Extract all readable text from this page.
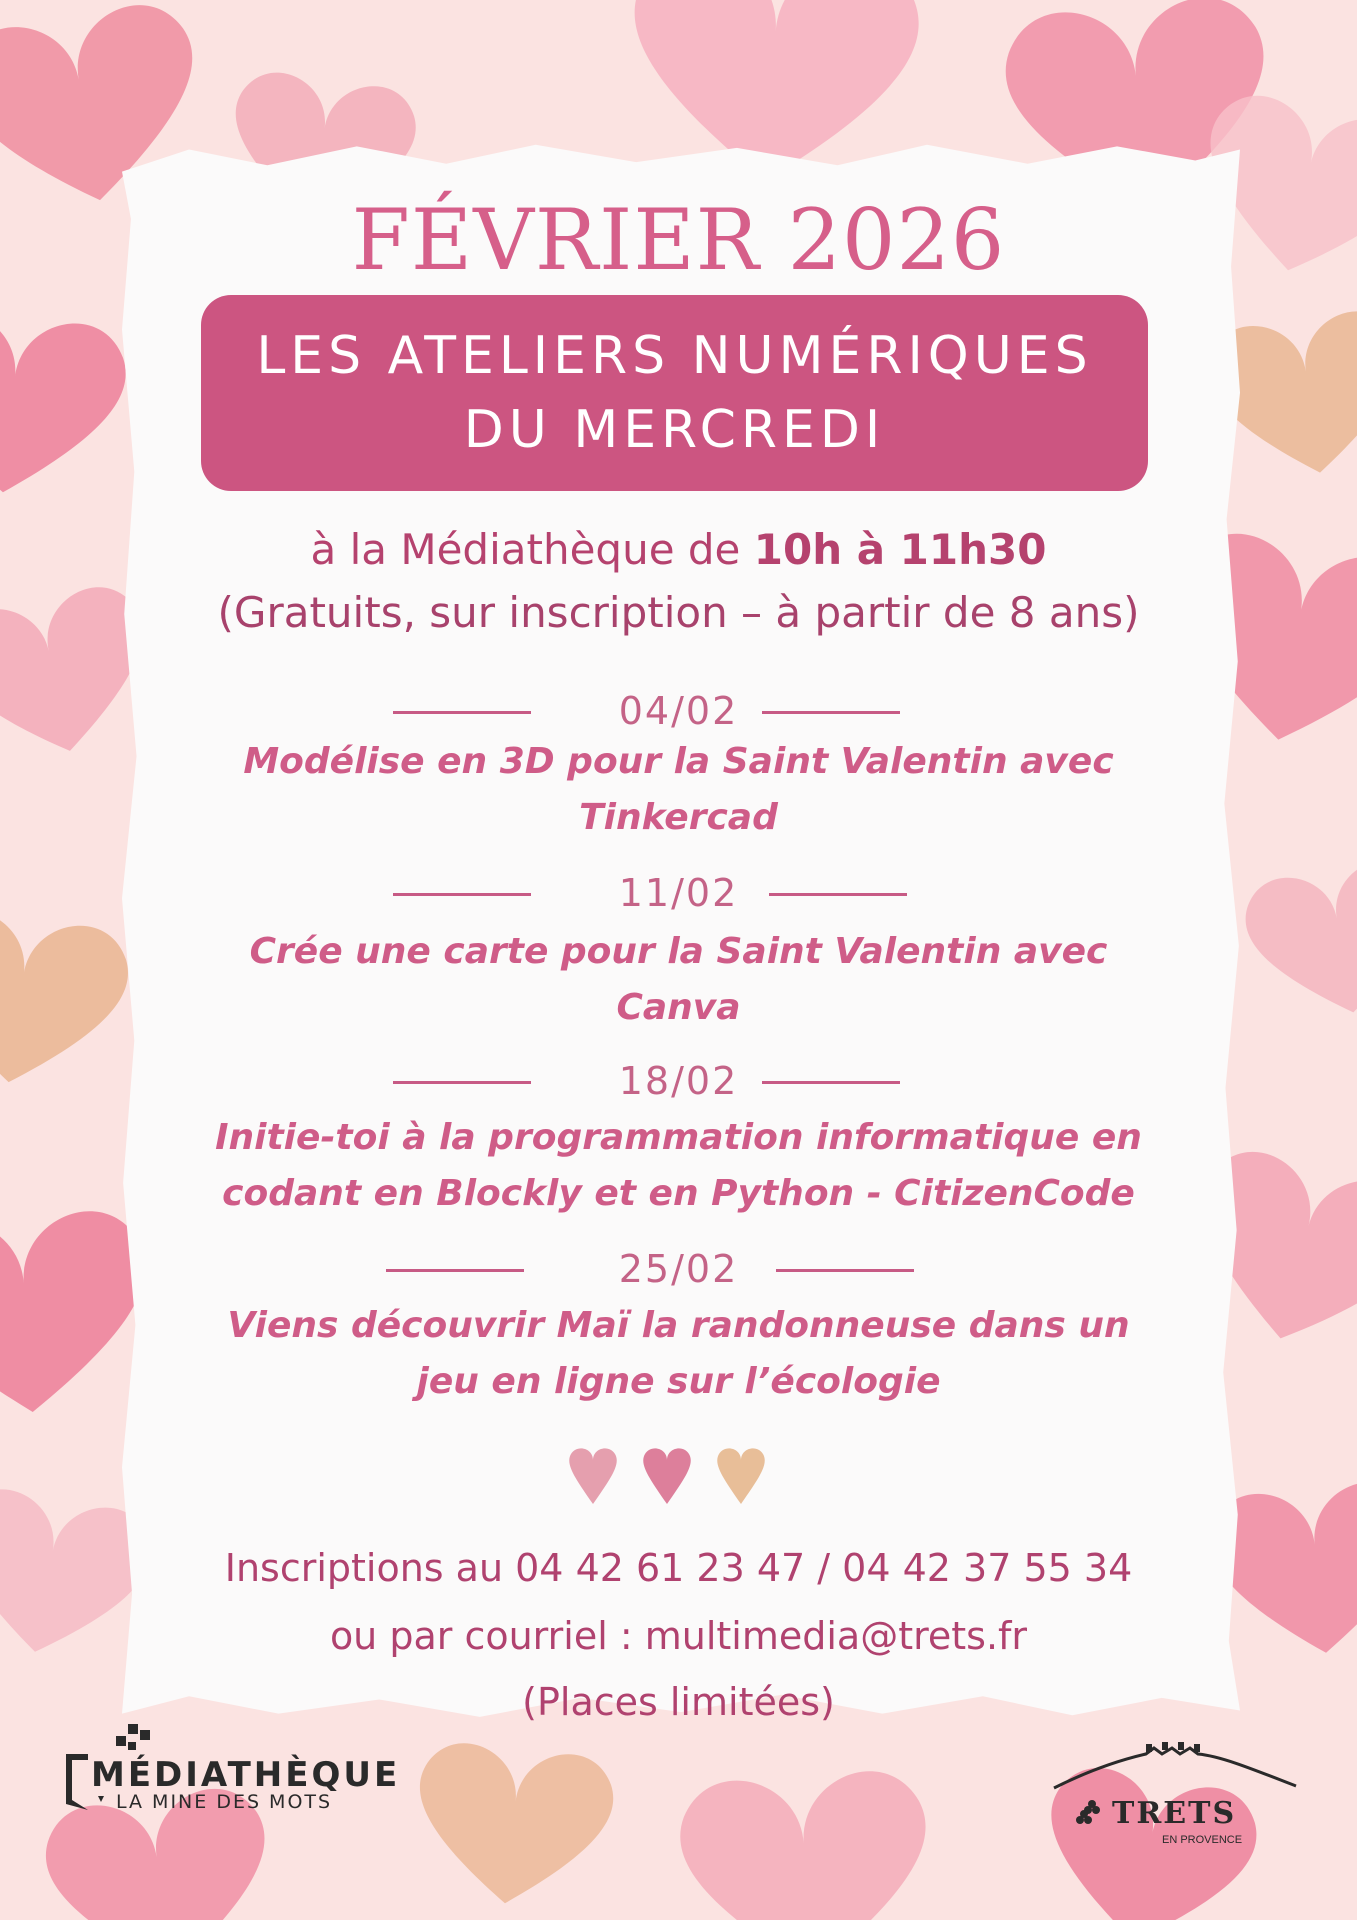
FÉVRIER 2026
LES ATELIERS NUMÉRIQUES
DU MERCREDI
à la Médiathèque de 10h à 11h30
(Gratuits, sur inscription – à partir de 8 ans)
04/02
Modélise en 3D pour la Saint Valentin avec
Tinkercad
11/02
Crée une carte pour la Saint Valentin avec
Canva
18/02
Initie-toi à la programmation informatique en
codant en Blockly et en Python - CitizenCode
25/02
Viens découvrir Maï la randonneuse dans un
jeu en ligne sur l’écologie
Inscriptions au 04 42 61 23 47 / 04 42 37 55 34
ou par courriel : multimedia@trets.fr
(Places limitées)
MÉDIATHÈQUE
LA MINE DES MOTS	TRETS
EN PROVENCE
